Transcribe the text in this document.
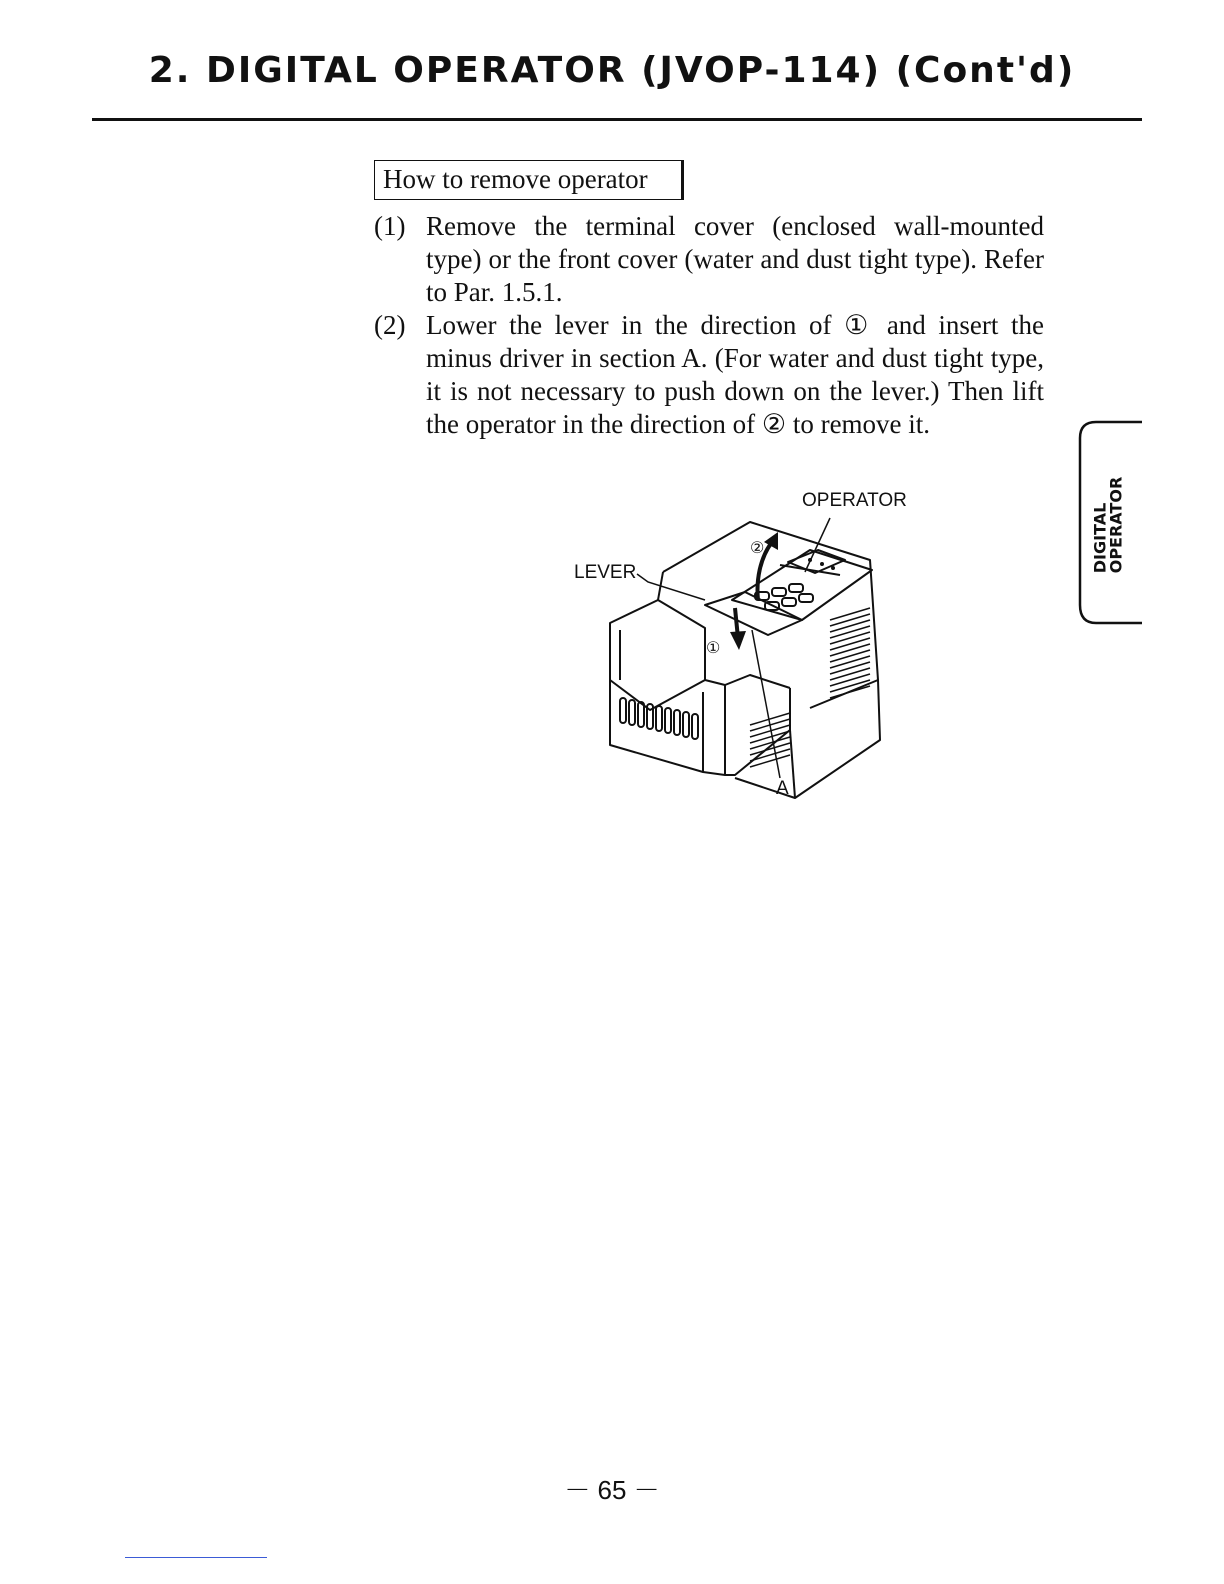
2. DIGITAL OPERATOR (JVOP-114) (Cont'd)
How to remove operator
(1) Remove the terminal cover (enclosed wall-mounted type) or the front cover (water and dust tight type). Refer to Par. 1.5.1.
(2) Lower the lever in the direction of ① and insert the minus driver in section A. (For water and dust tight type, it is not necessary to push down on the lever.) Then lift the operator in the direction of ② to remove it.
OPERATOR
LEVER
A
①
②	DIGITAL
OPERATOR
－ 65 －
